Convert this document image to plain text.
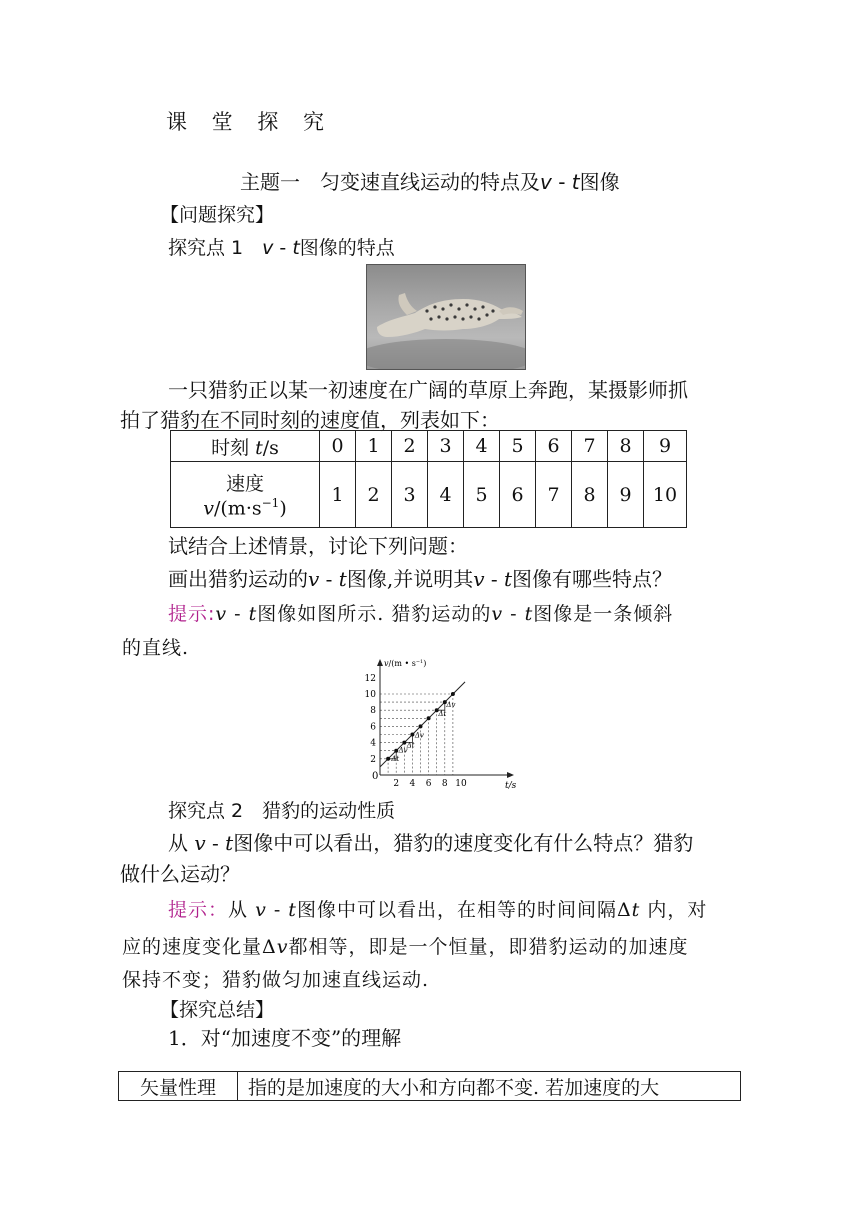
课 堂 探 究
主题一　匀变速直线运动的特点及v - t图像
【问题探究】
探究点 1　v - t图像的特点
一只猎豹正以某一初速度在广阔的草原上奔跑，某摄影师抓
拍了猎豹在不同时刻的速度值，列表如下：
时刻 t/s	0	1	2	3	4	5	6	7	8	9

速度
$v/(m\cdot s^{-1})$	1	2	3	4	5	6	7	8	9	10
试结合上述情景，讨论下列问题：
画出猎豹运动的v - t图像,并说明其v - t图像有哪些特点？
提示:v - t图像如图所示. 猎豹运动的v - t图像是一条倾斜
的直线.
v/(m • $s^{-1}$)
t/s
0
2 4 6 8 10
2
4
6
8
10
12
Δv
Δt
Δv
Δt
Δv
Δt
探究点 2　猎豹的运动性质
从 v - t图像中可以看出，猎豹的速度变化有什么特点？猎豹
做什么运动？
提示：从 v - t图像中可以看出，在相等的时间间隔Δt 内，对
应的速度变化量Δv都相等，即是一个恒量，即猎豹运动的加速度
保持不变；猎豹做匀加速直线运动.
【探究总结】
1．对“加速度不变”的理解
矢量性理	指的是加速度的大小和方向都不变. 若加速度的大
